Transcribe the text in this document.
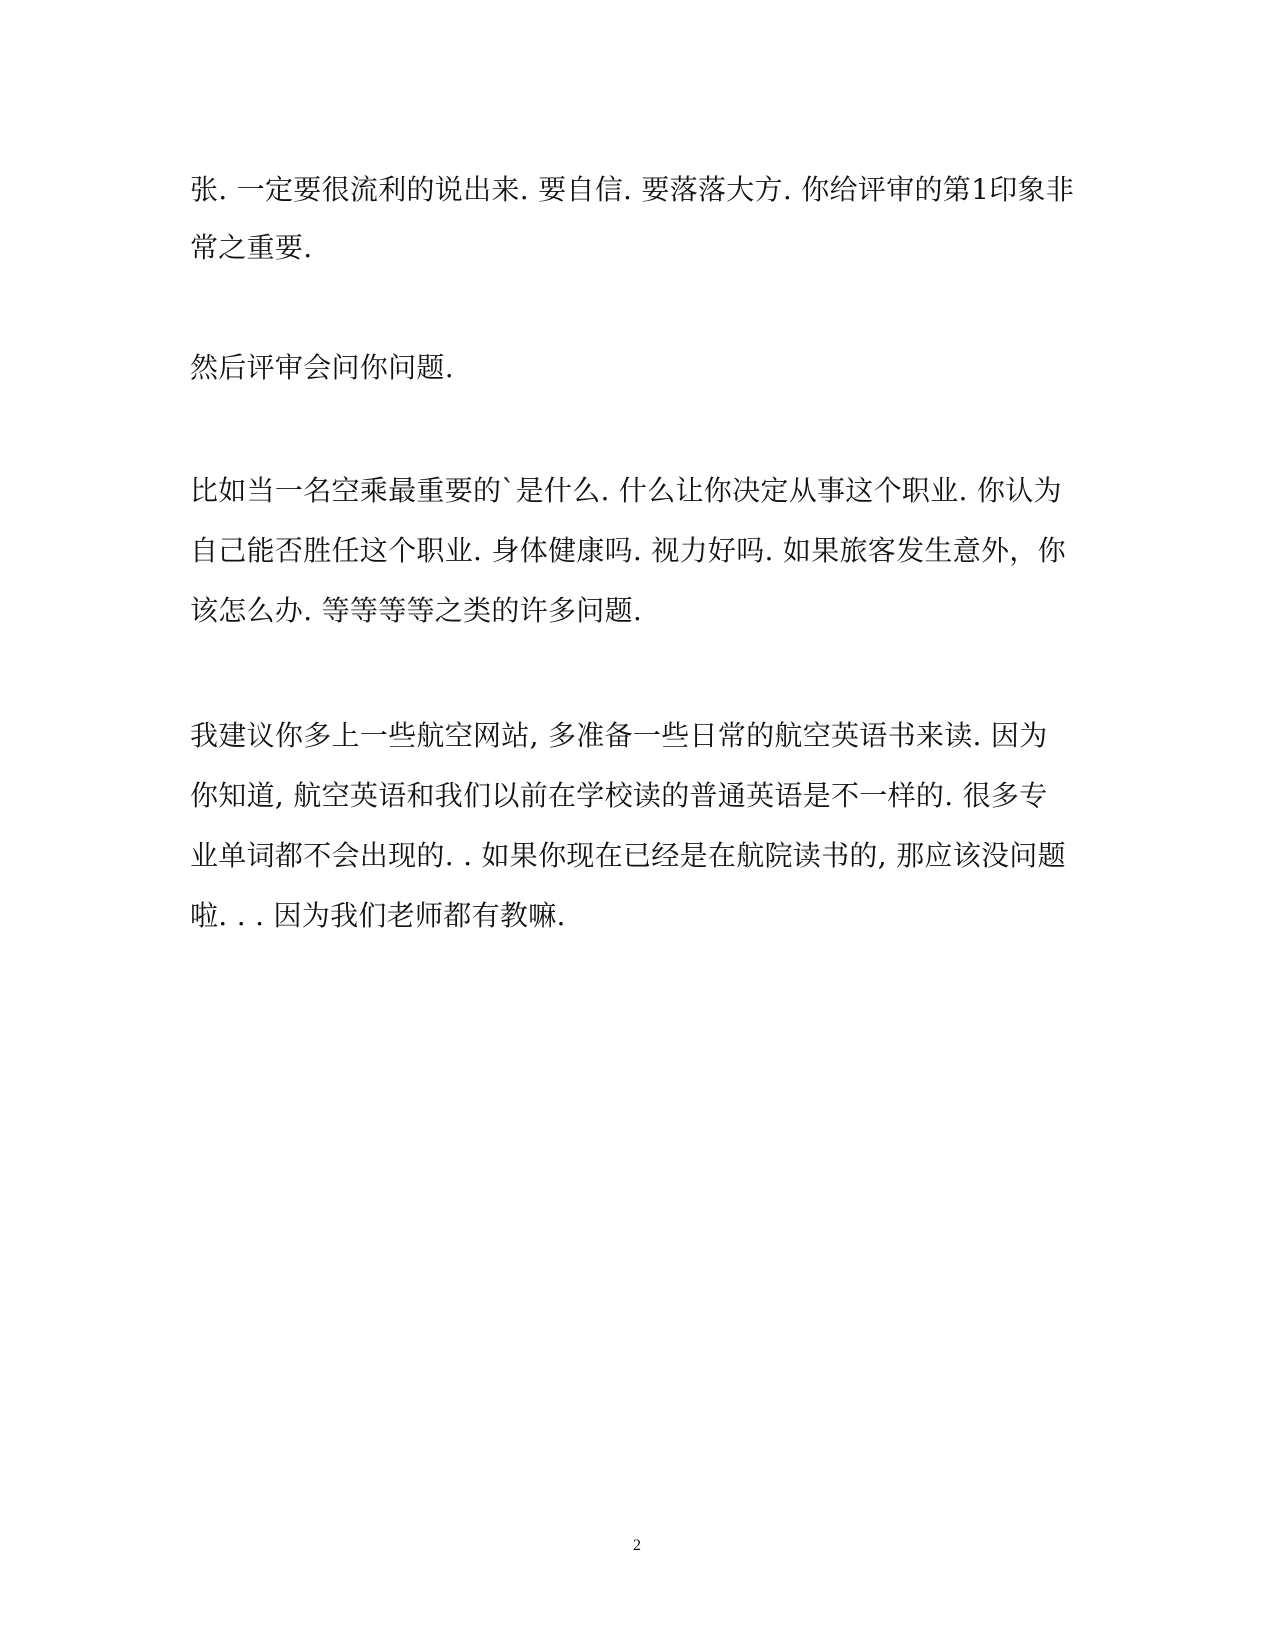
张. 一定要很流利的说出来. 要自信. 要落落大方. 你给评审的第1印象非

常之重要.

然后评审会问你问题.

比如当一名空乘最重要的`是什么. 什么让你决定从事这个职业. 你认为

自己能否胜任这个职业. 身体健康吗. 视力好吗. 如果旅客发生意外，你

该怎么办. 等等等等之类的许多问题.

我建议你多上一些航空网站, 多准备一些日常的航空英语书来读. 因为

你知道, 航空英语和我们以前在学校读的普通英语是不一样的. 很多专

业单词都不会出现的. . 如果你现在已经是在航院读书的, 那应该没问题

啦. . . 因为我们老师都有教嘛.

2
